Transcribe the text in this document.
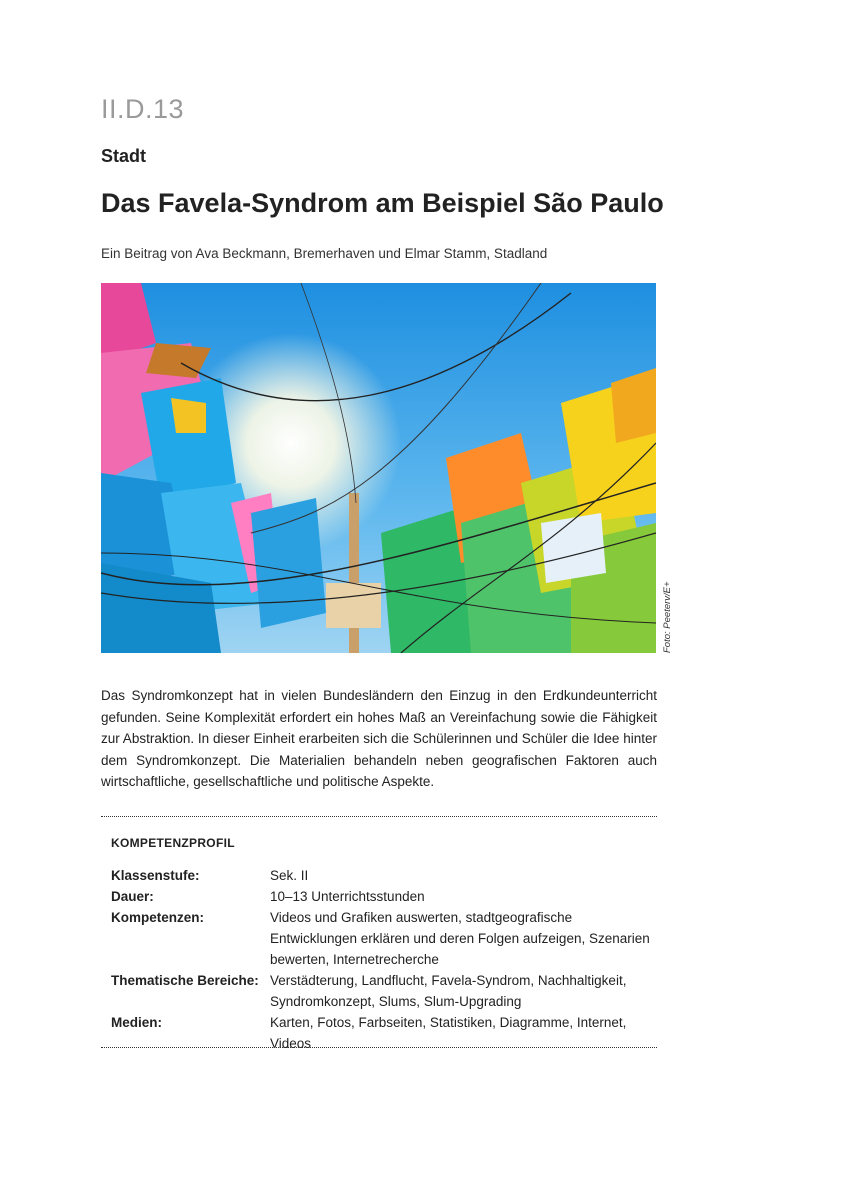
II.D.13
Stadt
Das Favela-Syndrom am Beispiel São Paulo
Ein Beitrag von Ava Beckmann, Bremerhaven und Elmar Stamm, Stadland
Foto: Peeterv/E+

Das Syndromkonzept hat in vielen Bundesländern den Einzug in den Erdkundeunterricht gefunden. Seine Komplexität erfordert ein hohes Maß an Vereinfachung sowie die Fähigkeit zur Abstraktion. In dieser Einheit erarbeiten sich die Schülerinnen und Schüler die Idee hinter dem Syndromkonzept. Die Materialien behandeln neben geografischen Faktoren auch wirtschaftliche, gesellschaftliche und politische Aspekte.

KOMPETENZPROFIL
Klassenstufe:	Sek. II
Dauer:	10–13 Unterrichtsstunden
Kompetenzen:	Videos und Grafiken auswerten, stadtgeografische Entwicklungen erklären und deren Folgen aufzeigen, Szenarien bewerten, Internetrecherche
Thematische Bereiche: Verstädterung, Landflucht, Favela-Syndrom, Nachhaltigkeit, Syndromkonzept, Slums, Slum-Upgrading
Medien:	Karten, Fotos, Farbseiten, Statistiken, Diagramme, Internet, Videos
